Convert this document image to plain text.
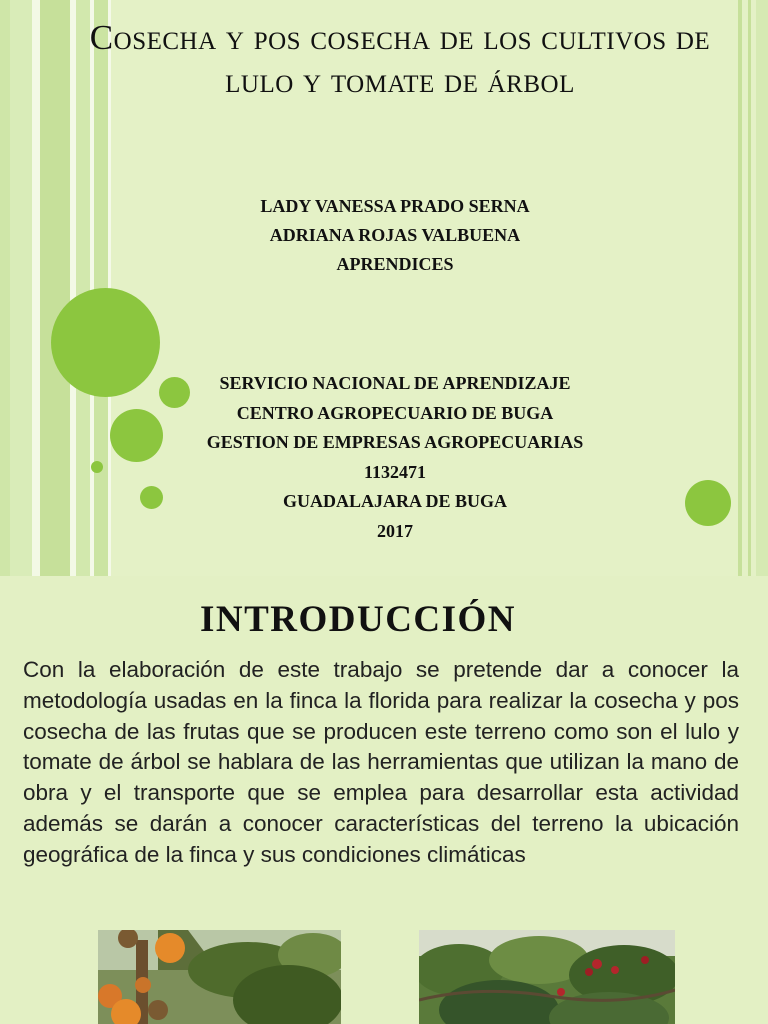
Cosecha y pos cosecha de los cultivos de lulo y tomate de árbol
LADY VANESSA PRADO SERNA
ADRIANA ROJAS VALBUENA
APRENDICES
SERVICIO NACIONAL DE APRENDIZAJE
CENTRO AGROPECUARIO DE BUGA
GESTION DE EMPRESAS AGROPECUARIAS
1132471
GUADALAJARA DE BUGA
2017
INTRODUCCIÓN
Con la elaboración de este trabajo se pretende dar a conocer la metodología usadas en la finca la florida para realizar la cosecha y pos cosecha de las frutas que se producen este terreno como son el lulo y tomate de árbol se hablara de las herramientas que utilizan la mano de obra y el transporte que se emplea para desarrollar esta actividad además se darán a conocer características del terreno la ubicación geográfica de la finca y sus condiciones climáticas
